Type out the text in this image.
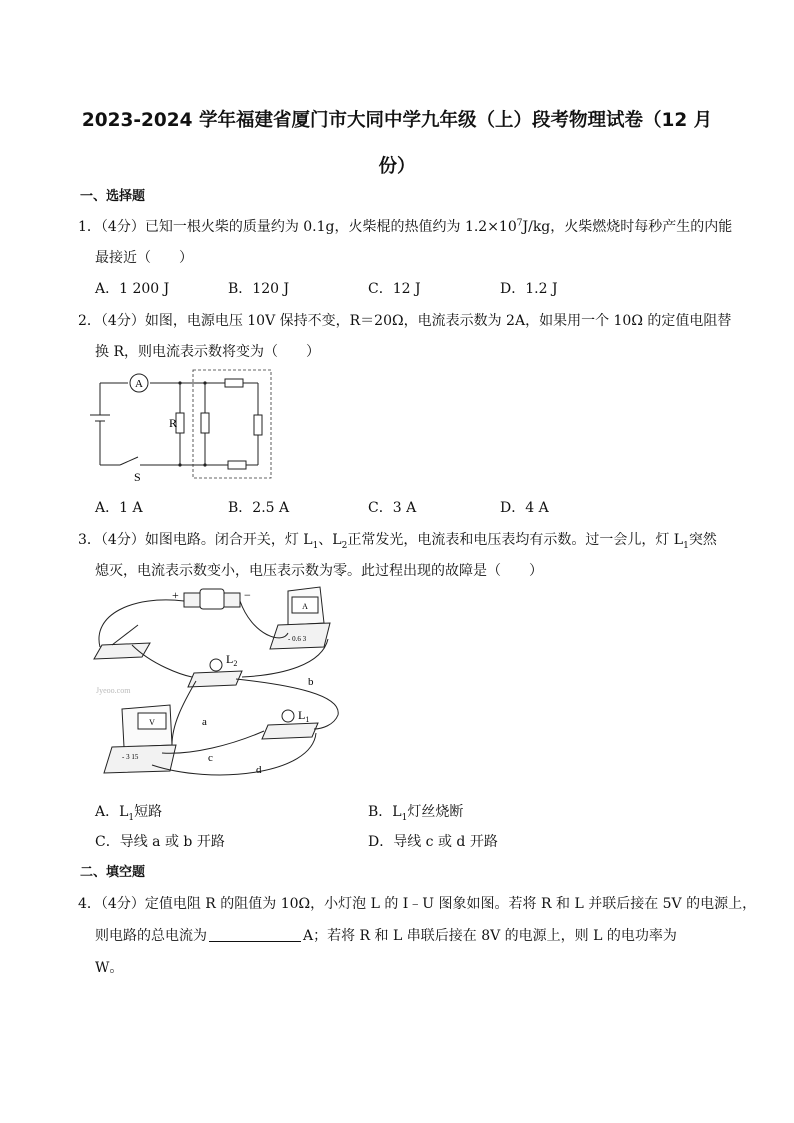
2023-2024 学年福建省厦门市大同中学九年级（上）段考物理试卷（12 月
份）
一、选择题
1．（4分）已知一根火柴的质量约为 0.1g，火柴棍的热值约为 $1.2\times 10^7J/kg$，火柴燃烧时每秒产生的内能
最接近（　　）
A．1 200 J	B．120 J	C．12 J	D．1.2 J
2．（4分）如图，电源电压 10V 保持不变，R＝20Ω，电流表示数为 2A，如果用一个 10Ω 的定值电阻替
换 R，则电流表示数将变为（　　）
A
R
S
A．1 A	B．2.5 A	C．3 A	D．4 A
3．（4分）如图电路。闭合开关，灯 $L_1$、$L_2$正常发光，电流表和电压表均有示数。过一会儿，灯 $L_1$突然
熄灭，电流表示数变小，电压表示数为零。此过程出现的故障是（　　）
+	−
A
V
- 0.6 3
- 3 15
$L_2$
$L_1$
a
b
c
d
Jyeoo.com
A．$L_1$短路	B．$L_1$灯丝烧断
C．导线 a 或 b 开路	D．导线 c 或 d 开路
二、填空题
4．（4分）定值电阻 R 的阻值为 10Ω，小灯泡 L 的 I﹣U 图象如图。若将 R 和 L 并联后接在 5V 的电源上，
则电路的总电流为	A；若将 R 和 L 串联后接在 8V 的电源上，则 L 的电功率为
W。
